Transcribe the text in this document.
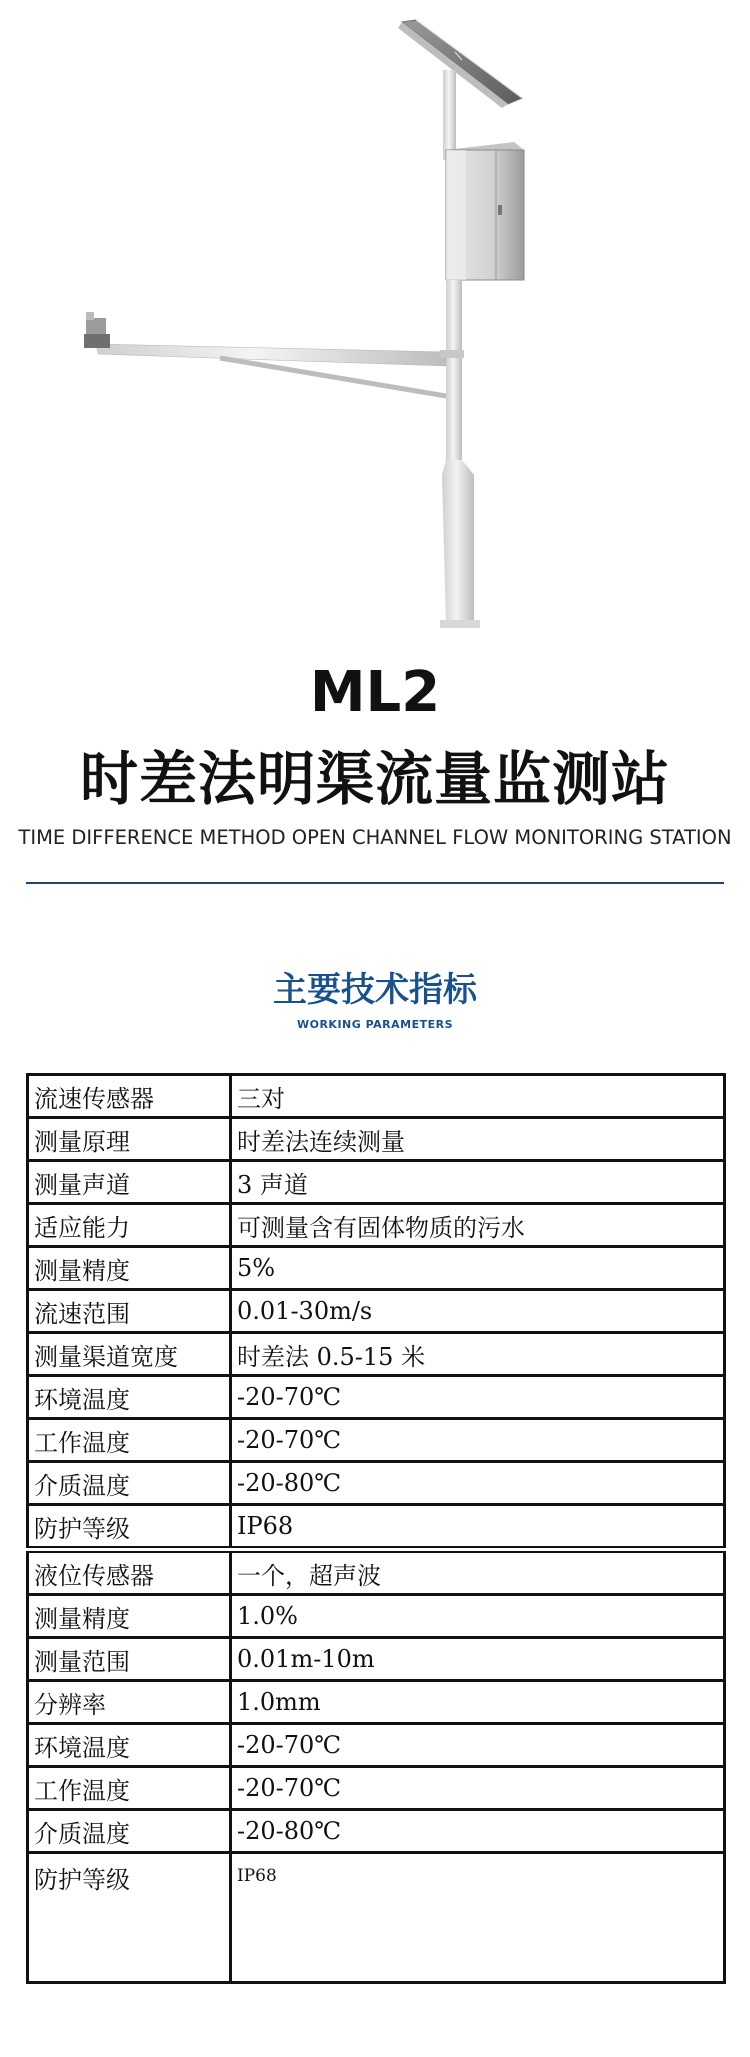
ML2
时差法明渠流量监测站
TIME DIFFERENCE METHOD OPEN CHANNEL FLOW MONITORING STATION
主要技术指标
WORKING PARAMETERS
流速传感器	三对
测量原理	时差法连续测量
测量声道	3 声道
适应能力	可测量含有固体物质的污水
测量精度	5%
流速范围	0.01-30m/s
测量渠道宽度	时差法 0.5-15 米
环境温度	-20-70℃
工作温度	-20-70℃
介质温度	-20-80℃
防护等级	IP68
液位传感器	一个，超声波
测量精度	1.0%
测量范围	0.01m-10m
分辨率	1.0mm
环境温度	-20-70℃
工作温度	-20-70℃
介质温度	-20-80℃
防护等级	IP68
